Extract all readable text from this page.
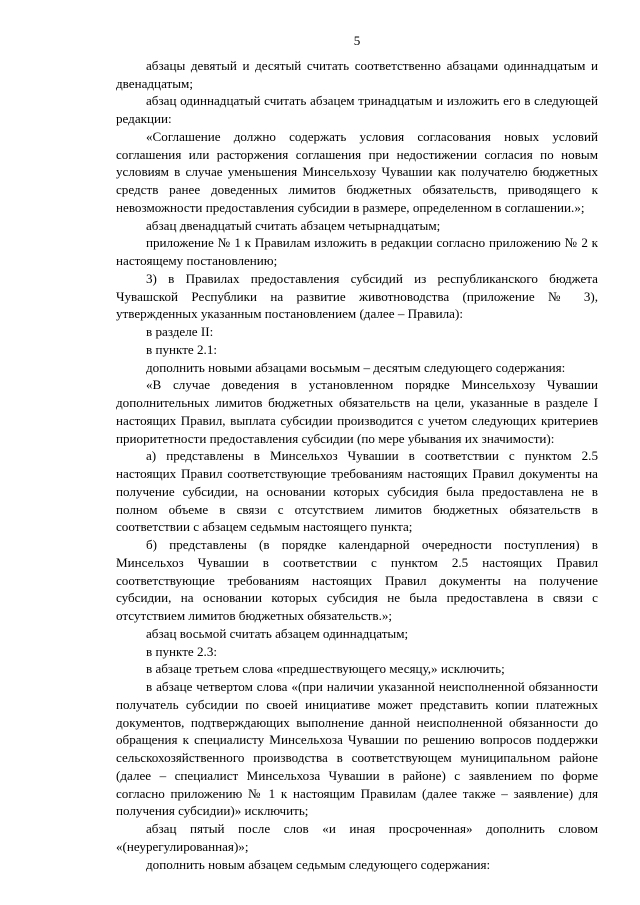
5

абзацы девятый и десятый считать соответственно абзацами одиннадцатым и двенадцатым;

абзац одиннадцатый считать абзацем тринадцатым и изложить его в следующей редакции:

«Соглашение должно содержать условия согласования новых условий соглашения или расторжения соглашения при недостижении согласия по новым условиям в случае уменьшения Минсельхозу Чувашии как получателю бюджетных средств ранее доведенных лимитов бюджетных обязательств, приводящего к невозможности предоставления субсидии в размере, определенном в соглашении.»;

абзац двенадцатый считать абзацем четырнадцатым;

приложение № 1 к Правилам изложить в редакции согласно приложению № 2 к настоящему постановлению;

3) в Правилах предоставления субсидий из республиканского бюджета Чувашской Республики на развитие животноводства (приложение № 3), утвержденных указанным постановлением (далее – Правила):

в разделе II:

в пункте 2.1:

дополнить новыми абзацами восьмым – десятым следующего содержания:

«В случае доведения в установленном порядке Минсельхозу Чувашии дополнительных лимитов бюджетных обязательств на цели, указанные в разделе I настоящих Правил, выплата субсидии производится с учетом следующих критериев приоритетности предоставления субсидии (по мере убывания их значимости):

а) представлены в Минсельхоз Чувашии в соответствии с пунктом 2.5 настоящих Правил соответствующие требованиям настоящих Правил документы на получение субсидии, на основании которых субсидия была предоставлена не в полном объеме в связи с отсутствием лимитов бюджетных обязательств в соответствии с абзацем седьмым настоящего пункта;

б) представлены (в порядке календарной очередности поступления) в Минсельхоз Чувашии в соответствии с пунктом 2.5 настоящих Правил соответствующие требованиям настоящих Правил документы на получение субсидии, на основании которых субсидия не была предоставлена в связи с отсутствием лимитов бюджетных обязательств.»;

абзац восьмой считать абзацем одиннадцатым;

в пункте 2.3:

в абзаце третьем слова «предшествующего месяцу,» исключить;

в абзаце четвертом слова «(при наличии указанной неисполненной обязанности получатель субсидии по своей инициативе может представить копии платежных документов, подтверждающих выполнение данной неисполненной обязанности до обращения к специалисту Минсельхоза Чувашии по решению вопросов поддержки сельскохозяйственного производства в соответствующем муниципальном районе (далее – специалист Минсельхоза Чувашии в районе) с заявлением по форме согласно приложению № 1 к настоящим Правилам (далее также – заявление) для получения субсидии)» исключить;

абзац пятый после слов «и иная просроченная» дополнить словом «(неурегулированная)»;

дополнить новым абзацем седьмым следующего содержания:
